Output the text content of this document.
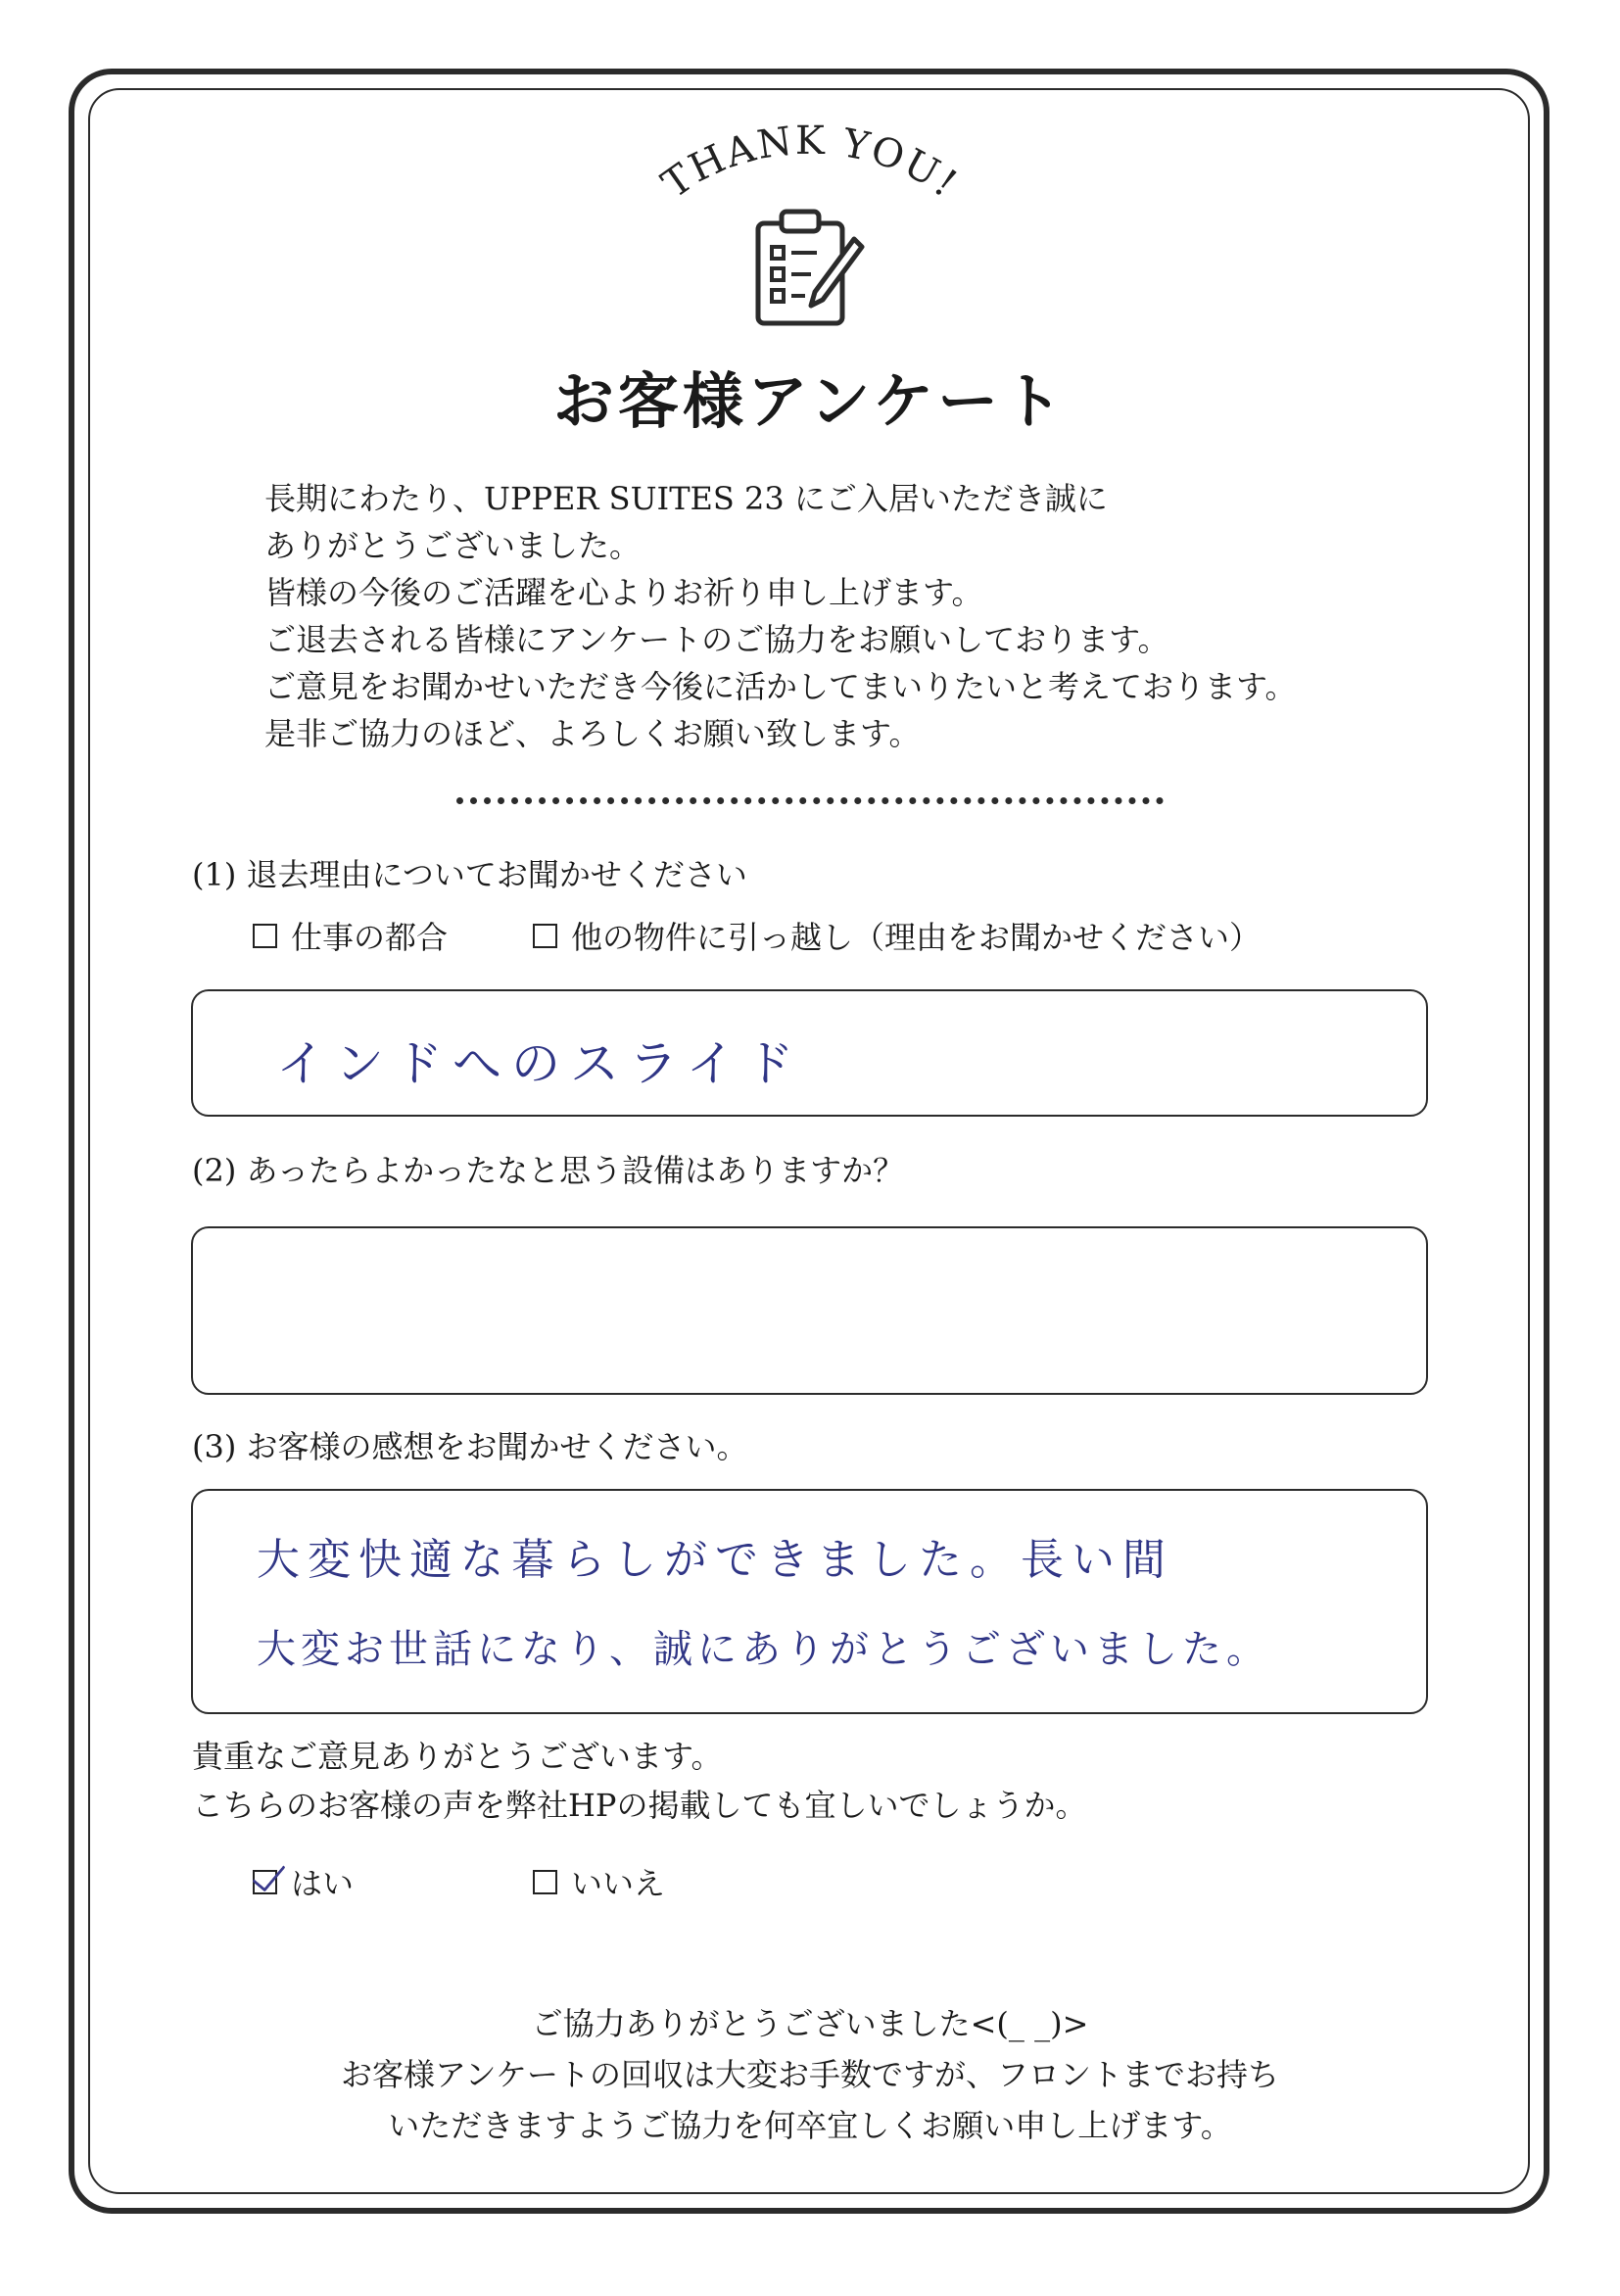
THANK YOU!
お客様アンケート
長期にわたり、UPPER SUITES 23 にご入居いただき誠に
ありがとうございました。
皆様の今後のご活躍を心よりお祈り申し上げます。
ご退去される皆様にアンケートのご協力をお願いしております。
ご意見をお聞かせいただき今後に活かしてまいりたいと考えております。
是非ご協力のほど、よろしくお願い致します。
(1) 退去理由についてお聞かせください
仕事の都合	他の物件に引っ越し（理由をお聞かせください）
インドへのスライド
(2) あったらよかったなと思う設備はありますか？
(3) お客様の感想をお聞かせください。
大変快適な暮らしができました。長い間
大変お世話になり、誠にありがとうございました。
貴重なご意見ありがとうございます。
こちらのお客様の声を弊社HPの掲載しても宜しいでしょうか。
はい	いいえ
ご協力ありがとうございました<(_ _)>
お客様アンケートの回収は大変お手数ですが、フロントまでお持ち
いただきますようご協力を何卒宜しくお願い申し上げます。
